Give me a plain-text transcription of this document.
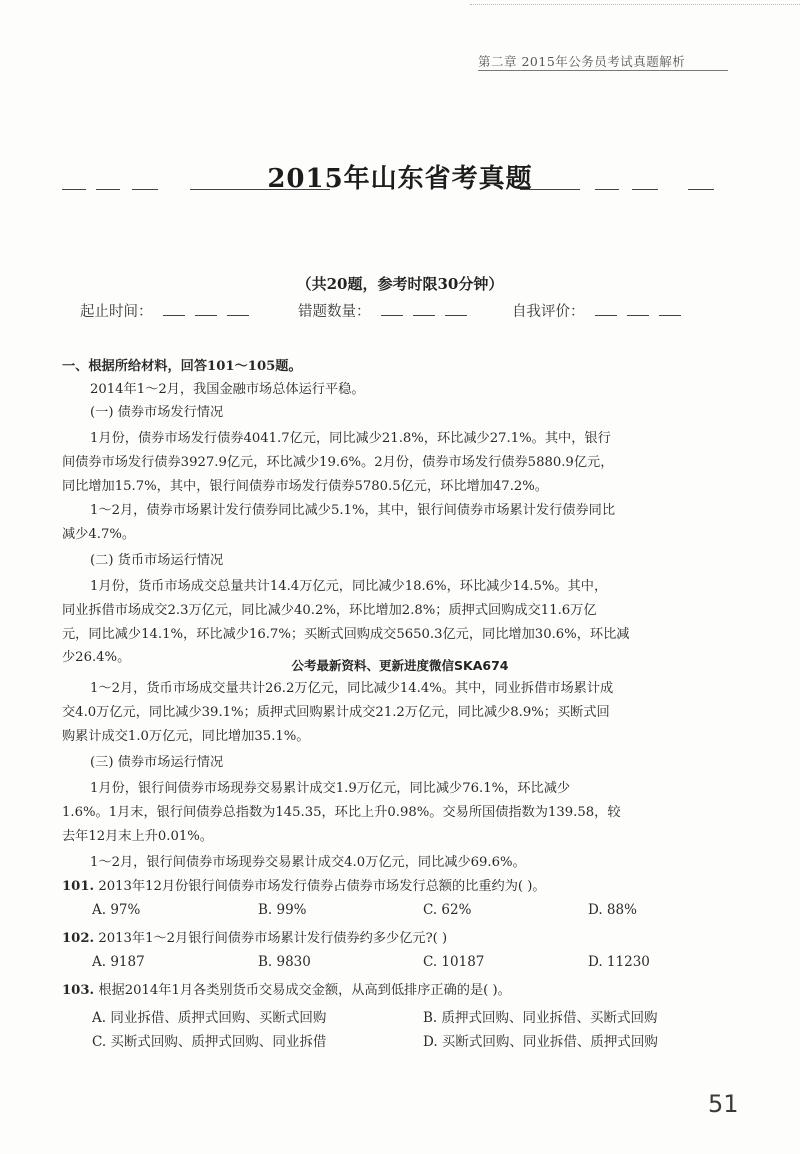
第二章 2015年公务员考试真题解析
2015年山东省考真题
（共20题，参考时限30分钟）
起止时间：	错题数量：	自我评价：
一、根据所给材料，回答101～105题。
2014年1～2月，我国金融市场总体运行平稳。
(一) 债券市场发行情况
1月份，债券市场发行债券4041.7亿元，同比减少21.8%，环比减少27.1%。其中，银行
间债券市场发行债券3927.9亿元，环比减少19.6%。2月份，债券市场发行债券5880.9亿元，
同比增加15.7%，其中，银行间债券市场发行债券5780.5亿元，环比增加47.2%。
1～2月，债券市场累计发行债券同比减少5.1%，其中，银行间债券市场累计发行债券同比
减少4.7%。
(二) 货币市场运行情况
1月份，货币市场成交总量共计14.4万亿元，同比减少18.6%，环比减少14.5%。其中，
同业拆借市场成交2.3万亿元，同比减少40.2%，环比增加2.8%；质押式回购成交11.6万亿
元，同比减少14.1%，环比减少16.7%；买断式回购成交5650.3亿元，同比增加30.6%，环比减
少26.4%。
公考最新资料、更新进度微信SKA674
1～2月，货币市场成交量共计26.2万亿元，同比减少14.4%。其中，同业拆借市场累计成
交4.0万亿元，同比减少39.1%；质押式回购累计成交21.2万亿元，同比减少8.9%；买断式回
购累计成交1.0万亿元，同比增加35.1%。
(三) 债券市场运行情况
1月份，银行间债券市场现券交易累计成交1.9万亿元，同比减少76.1%，环比减少
1.6%。1月末，银行间债券总指数为145.35，环比上升0.98%。交易所国债指数为139.58，较
去年12月末上升0.01%。
1～2月，银行间债券市场现券交易累计成交4.0万亿元，同比减少69.6%。
101. 2013年12月份银行间债券市场发行债券占债券市场发行总额的比重约为( )。
A. 97%	B. 99%	C. 62%	D. 88%
102. 2013年1～2月银行间债券市场累计发行债券约多少亿元?( )
A. 9187	B. 9830	C. 10187	D. 11230
103. 根据2014年1月各类别货币交易成交金额，从高到低排序正确的是( )。
A. 同业拆借、质押式回购、买断式回购	B. 质押式回购、同业拆借、买断式回购
C. 买断式回购、质押式回购、同业拆借	D. 买断式回购、同业拆借、质押式回购
51
